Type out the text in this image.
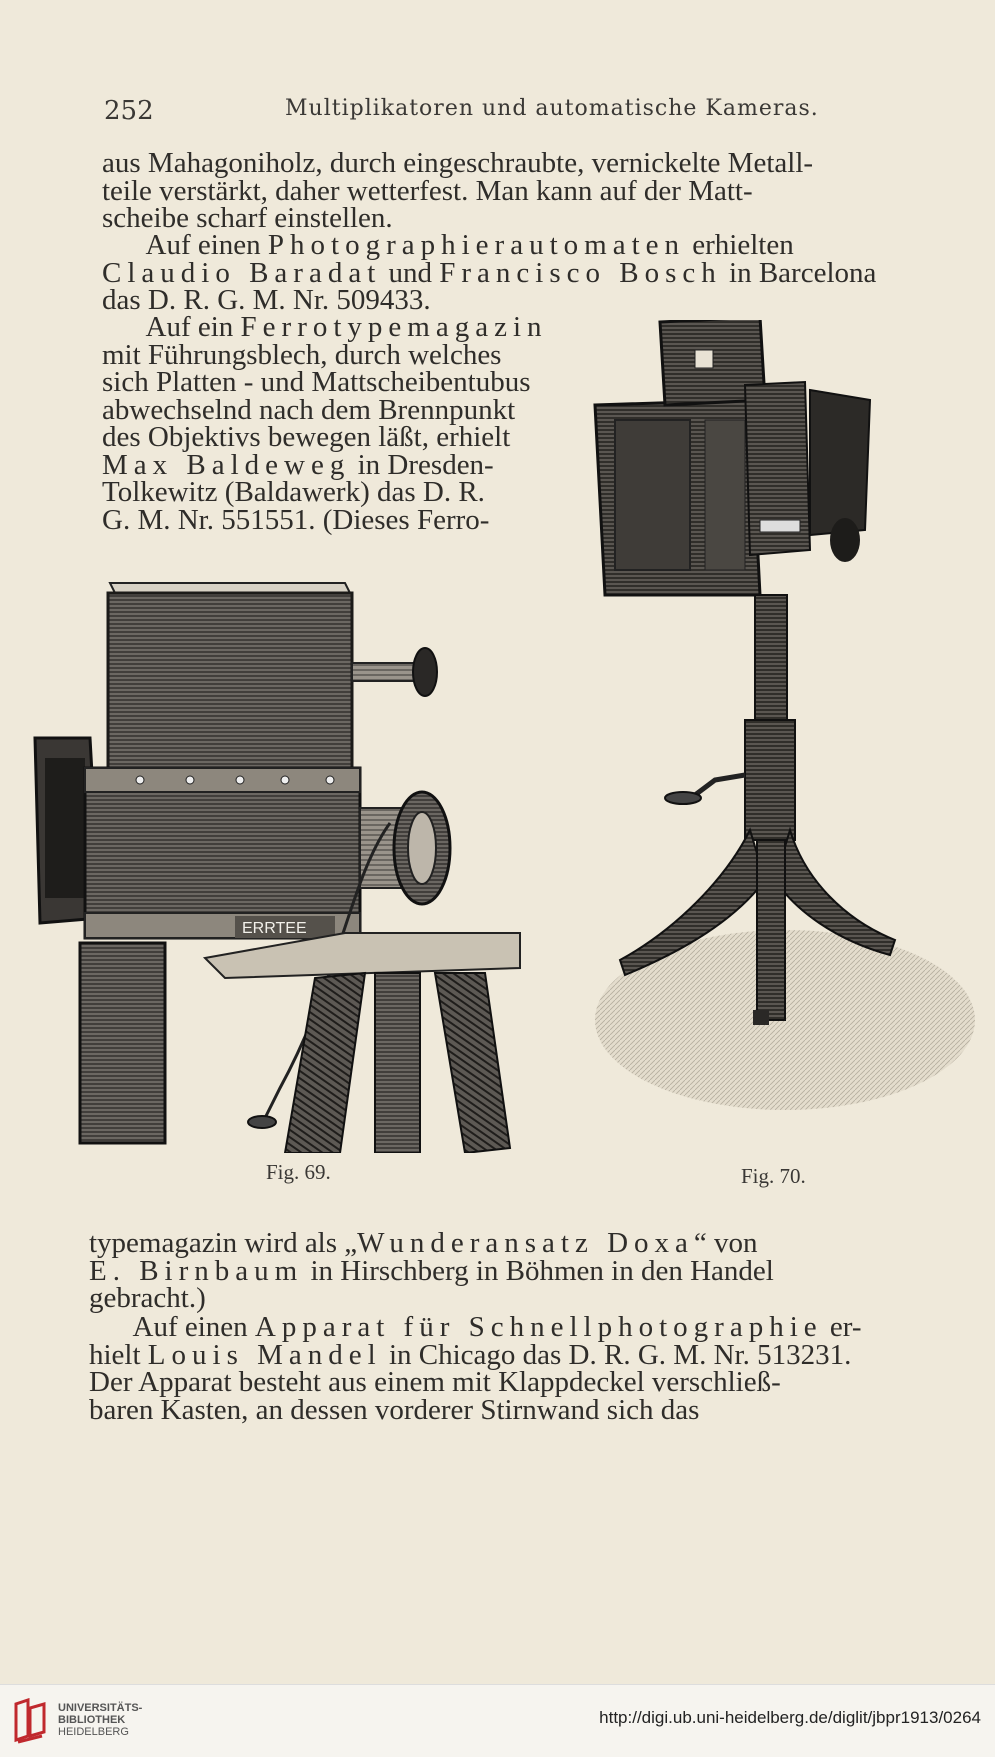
252	Multiplikatoren und automatische Kameras.
aus Mahagoniholz, durch eingeschraubte, vernickelte Metall-
teile verstärkt, daher wetterfest. Man kann auf der Matt-
scheibe scharf einstellen.
  Auf einen Photographierautomaten erhielten
Claudio Baradat und Francisco Bosch in Barcelona
das D. R. G. M. Nr. 509433.
  Auf ein Ferrotypemagazin
mit Führungsblech, durch welches
sich Platten - und Mattscheibentubus
abwechselnd nach dem Brennpunkt
des Objektivs bewegen läßt, erhielt
Max Baldeweg in Dresden-
Tolkewitz (Baldawerk) das D. R.
G. M. Nr. 551551. (Dieses Ferro-
ERRTEE
Fig. 69.	Fig. 70.
typemagazin wird als „Wunderansatz Doxa“ von
E. Birnbaum in Hirschberg in Böhmen in den Handel
gebracht.)
  Auf einen Apparat für Schnellphotographie er-
hielt Louis Mandel in Chicago das D. R. G. M. Nr. 513231.
Der Apparat besteht aus einem mit Klappdeckel verschließ-
baren Kasten, an dessen vorderer Stirnwand sich das
UNIVERSITÄTS-
BIBLIOTHEK
HEIDELBERG
http://digi.ub.uni-heidelberg.de/diglit/jbpr1913/0264
